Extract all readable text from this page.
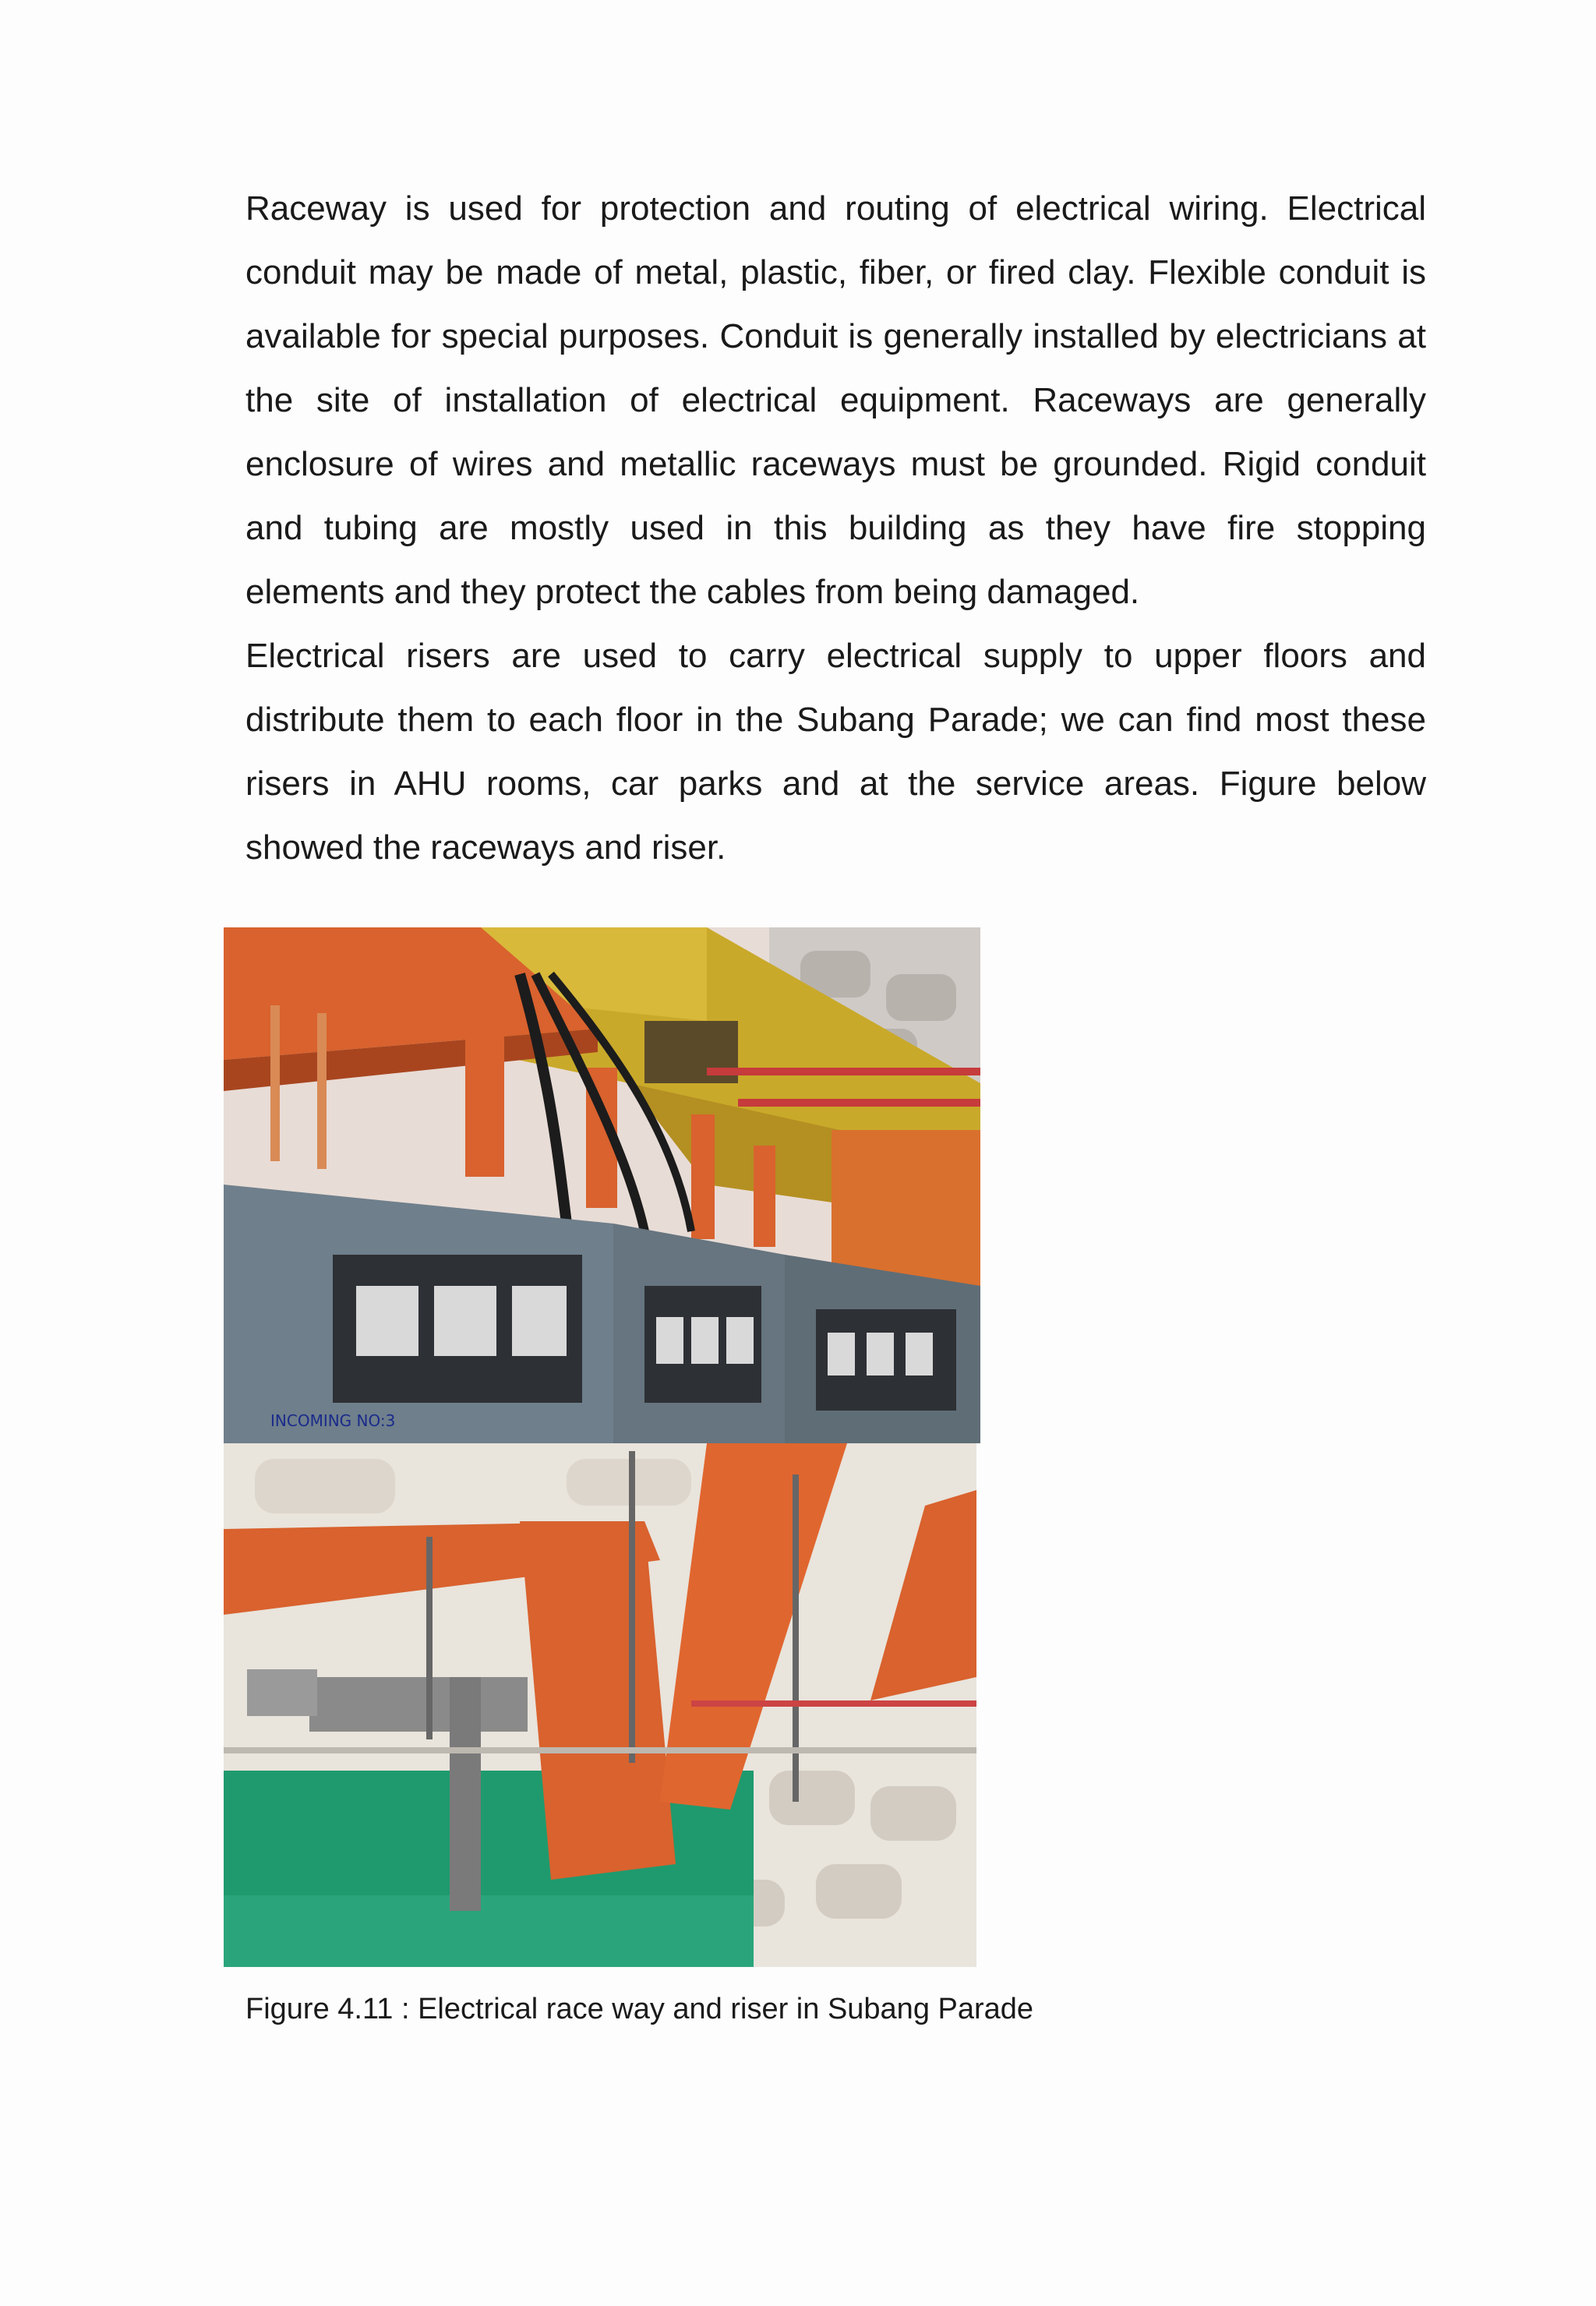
Raceway is used for protection and routing of electrical wiring. Electrical conduit may be made of metal, plastic, fiber, or fired clay. Flexible conduit is available for special purposes. Conduit is generally installed by electricians at the site of installation of electrical equipment. Raceways are generally enclosure of wires and metallic raceways must be grounded. Rigid conduit and tubing are mostly used in this building as they have fire stopping elements and they protect the cables from being damaged.

Electrical risers are used to carry electrical supply to upper floors and distribute them to each floor in the Subang Parade; we can find most these risers in AHU rooms, car parks and at the service areas. Figure below showed the raceways and riser.

INCOMING NO:3

Figure 4.11 : Electrical race way and riser in Subang Parade
